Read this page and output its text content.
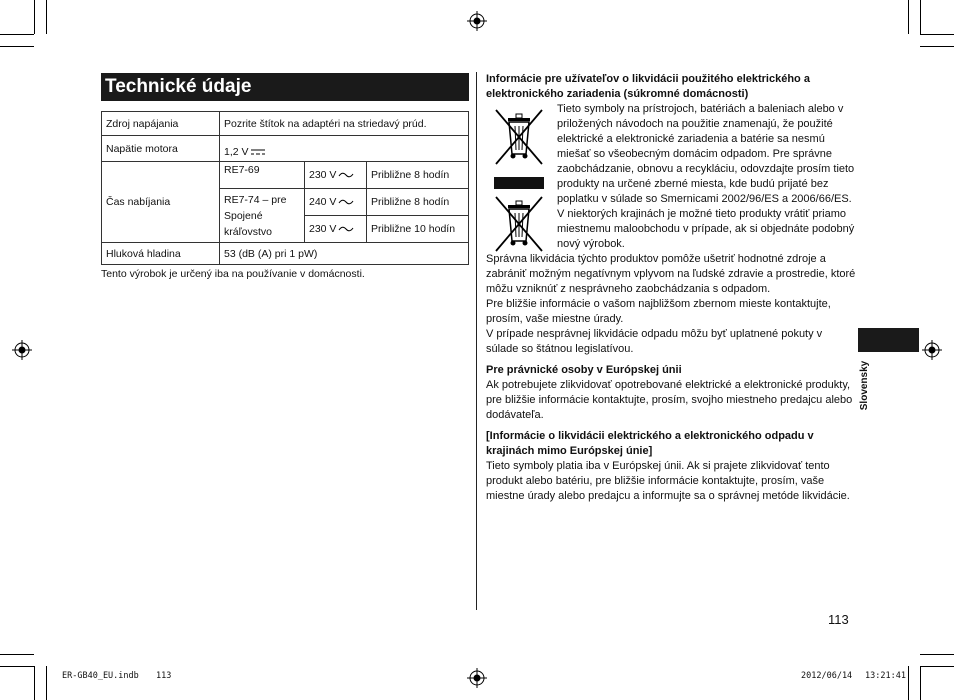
Technické údaje
Zdroj napájania	Pozrite štítok na adaptéri na striedavý prúd.		
Napätie motora	1,2 V		
Čas nabíjania	RE7-69	230 V	Približne 8 hodín
	RE7-74 – pre Spojené kráľovstvo	240 V	Približne 8 hodín
		230 V	Približne 10 hodín
Hluková hladina	53 (dB (A) pri 1 pW)		
Tento výrobok je určený iba na používanie v domácnosti.
Informácie pre užívateľov o likvidácii použitého elektrického a elektronického zariadenia (súkromné domácnosti)
Tieto symboly na prístrojoch, batériách a baleniach alebo v priložených návodoch na použitie znamenajú, že použité elektrické a elektronické zariadenia a batérie sa nesmú miešať so všeobecným domácim odpadom. Pre správne zaobchádzanie, obnovu a recykláciu, odovzdajte prosím tieto produkty na určené zberné miesta, kde budú prijaté bez poplatku v súlade so Smernicami 2002/96/ES a 2006/66/ES. V niektorých krajinách je možné tieto produkty vrátiť priamo miestnemu maloobchodu v prípade, ak si objednáte podobný nový výrobok.
Správna likvidácia týchto produktov pomôže ušetriť hodnotné zdroje a zabrániť možným negatívnym vplyvom na ľudské zdravie a prostredie, ktoré môžu vzniknúť z nesprávneho zaobchádzania s odpadom.
Pre bližšie informácie o vašom najbližšom zbernom mieste kontaktujte, prosím, vaše miestne úrady.
V prípade nesprávnej likvidácie odpadu môžu byť uplatnené pokuty v súlade so štátnou legislatívou.
Pre právnické osoby v Európskej únii
Ak potrebujete zlikvidovať opotrebované elektrické a elektronické produkty, pre bližšie informácie kontaktujte, prosím, svojho miestneho predajcu alebo dodávateľa.
[Informácie o likvidácii elektrického a elektronického odpadu v krajinách mimo Európskej únie]
Tieto symboly platia iba v Európskej únii. Ak si prajete zlikvidovať tento produkt alebo batériu, pre bližšie informácie kontaktujte, prosím, vaše miestne úrady alebo predajcu a informujte sa o správnej metóde likvidácie.
Slovensky
113
ER-GB40_EU.indb 113	2012/06/14 13:21:41
